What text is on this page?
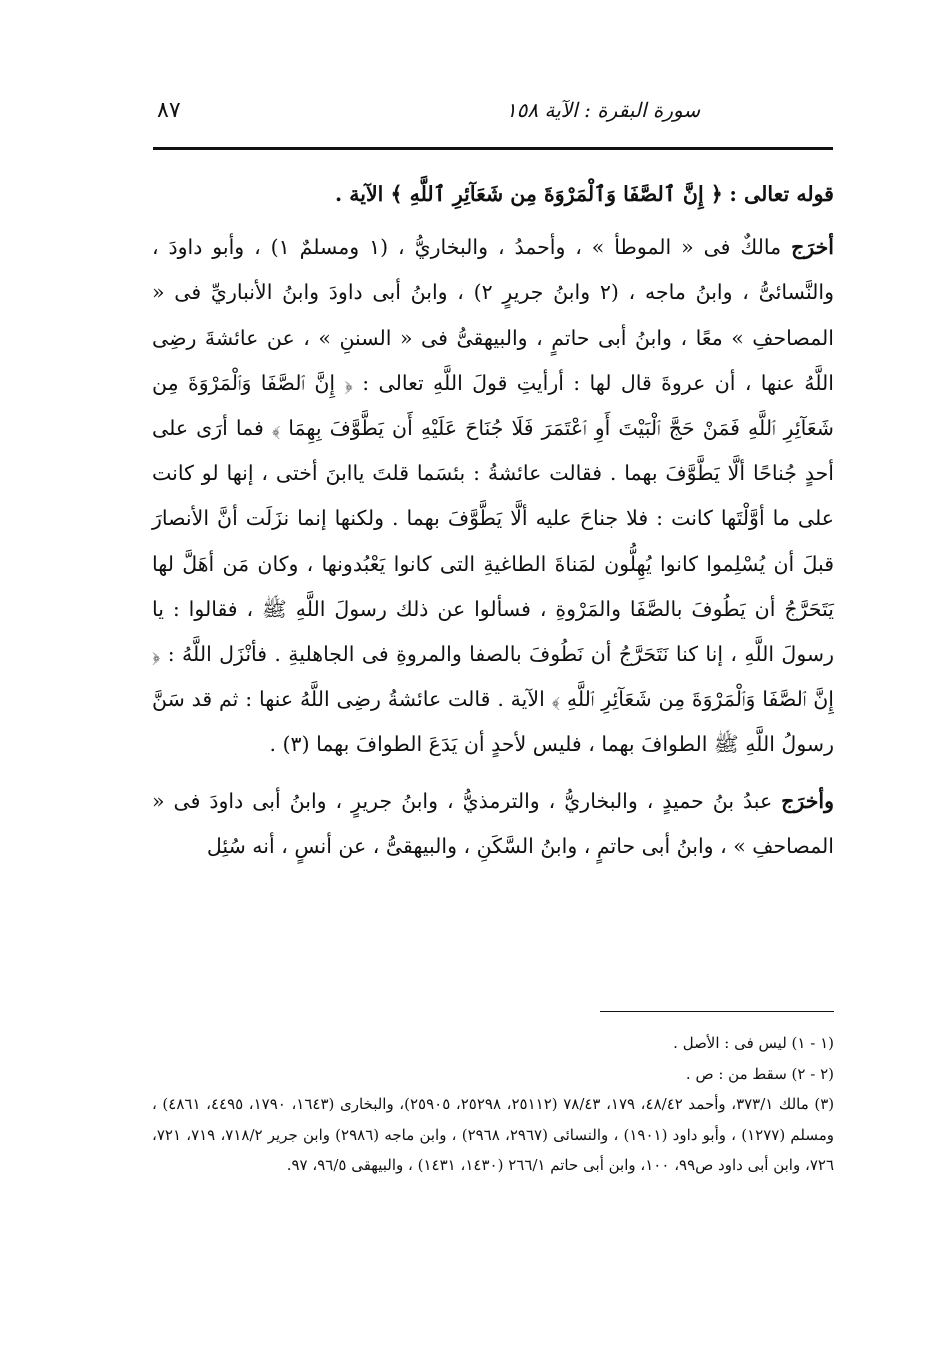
٨٧	سورة البقرة : الآية ١٥٨

قوله تعالى : ﴿ إِنَّ ٱلصَّفَا وَٱلْمَرْوَةَ مِن شَعَآئِرِ ٱللَّهِ ﴾ الآية .

أخرَج مالكٌ فى « الموطأ » ، وأحمدُ ، والبخاريُّ ، (١ ومسلمٌ ١) ، وأبو داودَ ، والنَّسائىُّ ، وابنُ ماجه ، (٢ وابنُ جريرٍ ٢) ، وابنُ أبى داودَ وابنُ الأنباريِّ فى « المصاحفِ » معًا ، وابنُ أبى حاتمٍ ، والبيهقىُّ فى « السننِ » ، عن عائشةَ رضِى اللَّهُ عنها ، أن عروةَ قال لها : أرأيتِ قولَ اللَّهِ تعالى : ﴿ إِنَّ ٱلصَّفَا وَٱلْمَرْوَةَ مِن شَعَآئِرِ ٱللَّهِ فَمَنْ حَجَّ ٱلْبَيْتَ أَوِ ٱعْتَمَرَ فَلَا جُنَاحَ عَلَيْهِ أَن يَطَّوَّفَ بِهِمَا ﴾ فما أرَى على أحدٍ جُناحًا ألَّا يَطَّوَّفَ بهما . فقالت عائشةُ : بئسَما قلتَ ياابنَ أختى ، إنها لو كانت على ما أوَّلْتَها كانت : فلا جناحَ عليه ألَّا يَطَّوَّفَ بهما . ولكنها إنما نزَلَت أنَّ الأنصارَ قبلَ أن يُسْلِموا كانوا يُهِلُّون لمَناةَ الطاغيةِ التى كانوا يَعْبُدونها ، وكان مَن أهَلَّ لها يَتَحَرَّجُ أن يَطُوفَ بالصَّفَا والمَرْوةِ ، فسألوا عن ذلك رسولَ اللَّهِ ﷺ ، فقالوا : يا رسولَ اللَّهِ ، إنا كنا نَتَحَرَّجُ أن نَطُوفَ بالصفا والمروةِ فى الجاهليةِ . فأنْزَل اللَّهُ : ﴿ إِنَّ ٱلصَّفَا وَٱلْمَرْوَةَ مِن شَعَآئِرِ ٱللَّهِ ﴾ الآية . قالت عائشةُ رضِى اللَّهُ عنها : ثم قد سَنَّ رسولُ اللَّهِ ﷺ الطوافَ بهما ، فليس لأحدٍ أن يَدَعَ الطوافَ بهما (٣) .

وأخرَج عبدُ بنُ حميدٍ ، والبخاريُّ ، والترمذيُّ ، وابنُ جريرٍ ، وابنُ أبى داودَ فى « المصاحفِ » ، وابنُ أبى حاتمٍ ، وابنُ السَّكَنِ ، والبيهقىُّ ، عن أنسٍ ، أنه سُئِل

(١ - ١) ليس فى : الأصل .

(٢ - ٢) سقط من : ص .

(٣) مالك ٣٧٣/١، وأحمد ٤٨/٤٢، ١٧٩، ٧٨/٤٣ (٢٥١١٢، ٢٥٢٩٨، ٢٥٩٠٥)، والبخارى (١٦٤٣، ١٧٩٠، ٤٤٩٥، ٤٨٦١) ، ومسلم (١٢٧٧) ، وأبو داود (١٩٠١) ، والنسائى (٢٩٦٧، ٢٩٦٨) ، وابن ماجه (٢٩٨٦) وابن جرير ٧١٨/٢، ٧١٩، ٧٢١، ٧٢٦، وابن أبى داود ص٩٩، ١٠٠، وابن أبى حاتم ٢٦٦/١ (١٤٣٠، ١٤٣١) ، والبيهقى ٩٦/٥، ٩٧.
